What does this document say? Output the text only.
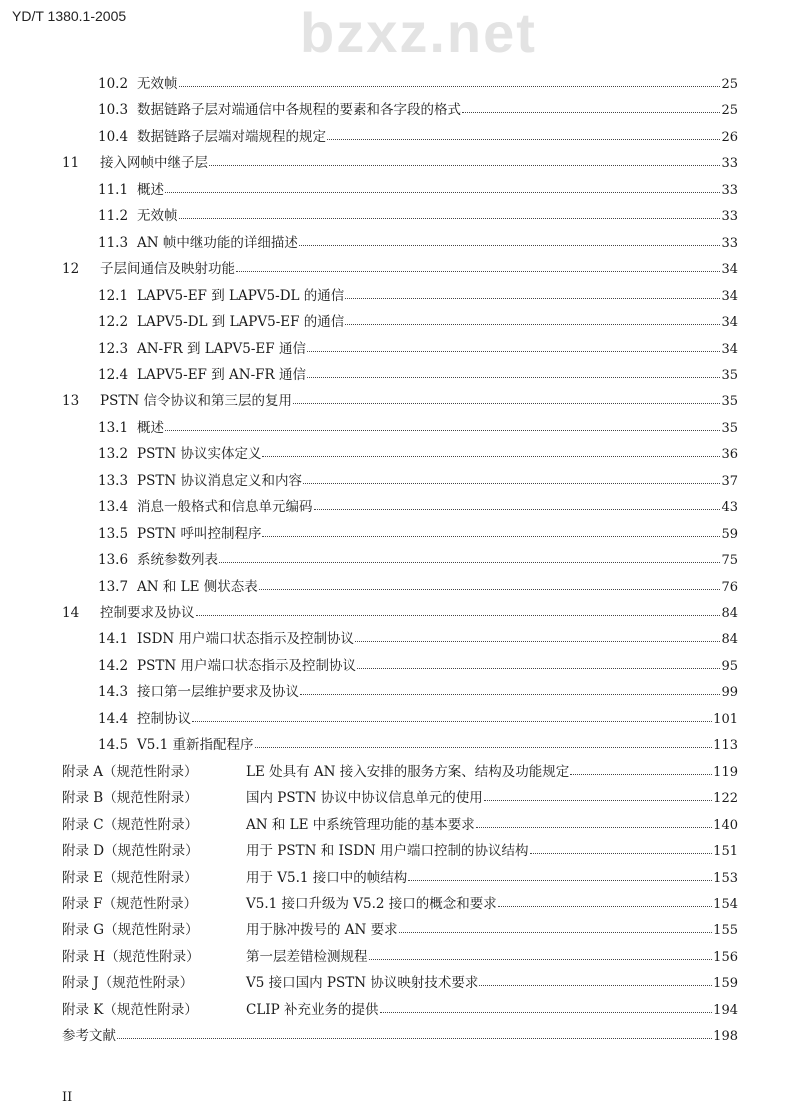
YD/T 1380.1-2005	bzxz.net
10.2 无效帧	25
10.3 数据链路子层对端通信中各规程的要素和各字段的格式	25
10.4 数据链路子层端对端规程的规定	26
11	接入网帧中继子层	33
11.1 概述	33
11.2 无效帧	33
11.3 AN 帧中继功能的详细描述	33
12	子层间通信及映射功能	34
12.1 LAPV5-EF 到 LAPV5-DL 的通信	34
12.2 LAPV5-DL 到 LAPV5-EF 的通信	34
12.3 AN-FR 到 LAPV5-EF 通信	34
12.4 LAPV5-EF 到 AN-FR 通信	35
13	PSTN 信令协议和第三层的复用	35
13.1 概述	35
13.2 PSTN 协议实体定义	36
13.3 PSTN 协议消息定义和内容	37
13.4 消息一般格式和信息单元编码	43
13.5 PSTN 呼叫控制程序	59
13.6 系统参数列表	75
13.7 AN 和 LE 侧状态表	76
14	控制要求及协议	84
14.1 ISDN 用户端口状态指示及控制协议	84
14.2 PSTN 用户端口状态指示及控制协议	95
14.3 接口第一层维护要求及协议	99
14.4 控制协议	101
14.5 V5.1 重新指配程序	113
附录 A（规范性附录）	LE 处具有 AN 接入安排的服务方案、结构及功能规定	119
附录 B（规范性附录）	国内 PSTN 协议中协议信息单元的使用	122
附录 C（规范性附录）	AN 和 LE 中系统管理功能的基本要求	140
附录 D（规范性附录）	用于 PSTN 和 ISDN 用户端口控制的协议结构	151
附录 E（规范性附录）	用于 V5.1 接口中的帧结构	153
附录 F（规范性附录）	V5.1 接口升级为 V5.2 接口的概念和要求	154
附录 G（规范性附录）	用于脉冲拨号的 AN 要求	155
附录 H（规范性附录）	第一层差错检测规程	156
附录 J（规范性附录）	V5 接口国内 PSTN 协议映射技术要求	159
附录 K（规范性附录）	CLIP 补充业务的提供	194
参考文献	198
II
